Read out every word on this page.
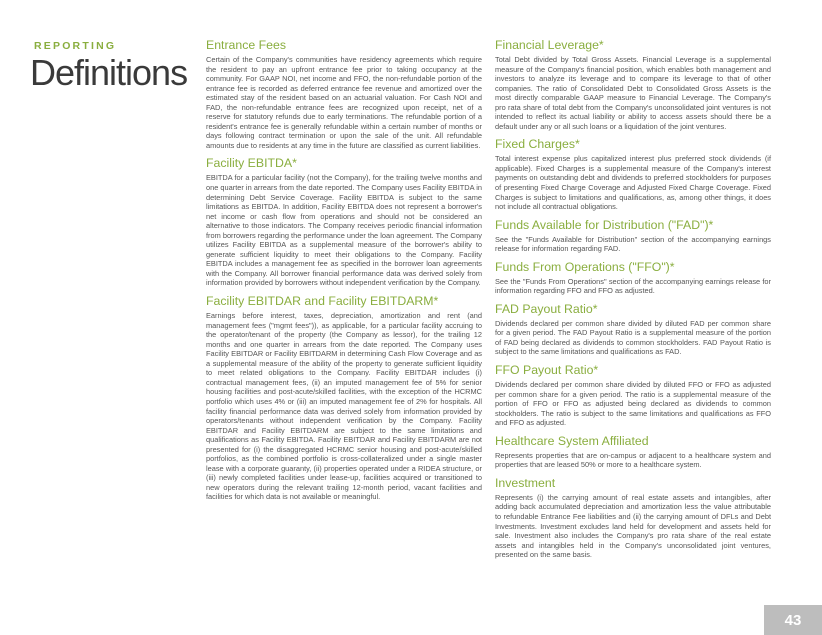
REPORTING
Definitions
Entrance Fees
Certain of the Company's communities have residency agreements which require the resident to pay an upfront entrance fee prior to taking occupancy at the community. For GAAP NOI, net income and FFO, the non-refundable portion of the entrance fee is recorded as deferred entrance fee revenue and amortized over the estimated stay of the resident based on an actuarial valuation. For Cash NOI and FAD, the non-refundable entrance fees are recognized upon receipt, net of a reserve for statutory refunds due to early terminations. The refundable portion of a resident's entrance fee is generally refundable within a certain number of months or days following contract termination or upon the sale of the unit. All refundable amounts due to residents at any time in the future are classified as current liabilities.
Facility EBITDA*
EBITDA for a particular facility (not the Company), for the trailing twelve months and one quarter in arrears from the date reported. The Company uses Facility EBITDA in determining Debt Service Coverage. Facility EBITDA is subject to the same limitations as EBITDA. In addition, Facility EBITDA does not represent a borrower's net income or cash flow from operations and should not be considered an alternative to those indicators. The Company receives periodic financial information from borrowers regarding the performance under the loan agreement. The Company utilizes Facility EBITDA as a supplemental measure of the borrower's ability to generate sufficient liquidity to meet their obligations to the Company. Facility EBITDA includes a management fee as specified in the borrower loan agreements with the Company. All borrower financial performance data was derived solely from information provided by borrowers without independent verification by the Company.
Facility EBITDAR and Facility EBITDARM*
Earnings before interest, taxes, depreciation, amortization and rent (and management fees ("mgmt fees")), as applicable, for a particular facility accruing to the operator/tenant of the property (the Company as lessor), for the trailing 12 months and one quarter in arrears from the date reported. The Company uses Facility EBITDAR or Facility EBITDARM in determining Cash Flow Coverage and as a supplemental measure of the ability of the property to generate sufficient liquidity to meet related obligations to the Company. Facility EBITDAR includes (i) contractual management fees, (ii) an imputed management fee of 5% for senior housing facilities and post-acute/skilled facilities, with the exception of the HCRMC portfolio which uses 4% or (iii) an imputed management fee of 2% for hospitals. All facility financial performance data was derived solely from information provided by operators/tenants without independent verification by the Company. Facility EBITDAR and Facility EBITDARM are subject to the same limitations and qualifications as Facility EBITDA. Facility EBITDAR and Facility EBITDARM are not presented for (i) the disaggregated HCRMC senior housing and post-acute/skilled portfolios, as the combined portfolio is cross-collateralized under a single master lease with a corporate guaranty, (ii) properties operated under a RIDEA structure, or (iii) newly completed facilities under lease-up, facilities acquired or transitioned to new operators during the relevant trailing 12-month period, vacant facilities and facilities for which data is not available or meaningful.
Financial Leverage*
Total Debt divided by Total Gross Assets. Financial Leverage is a supplemental measure of the Company's financial position, which enables both management and investors to analyze its leverage and to compare its leverage to that of other companies. The ratio of Consolidated Debt to Consolidated Gross Assets is the most directly comparable GAAP measure to Financial Leverage. The Company's pro rata share of total debt from the Company's unconsolidated joint ventures is not intended to reflect its actual liability or ability to access assets should there be a default under any or all such loans or a liquidation of the joint ventures.
Fixed Charges*
Total interest expense plus capitalized interest plus preferred stock dividends (if applicable). Fixed Charges is a supplemental measure of the Company's interest payments on outstanding debt and dividends to preferred stockholders for purposes of presenting Fixed Charge Coverage and Adjusted Fixed Charge Coverage. Fixed Charges is subject to limitations and qualifications, as, among other things, it does not include all contractual obligations.
Funds Available for Distribution ("FAD")*
See the "Funds Available for Distribution" section of the accompanying earnings release for information regarding FAD.
Funds From Operations ("FFO")*
See the "Funds From Operations" section of the accompanying earnings release for information regarding FFO and FFO as adjusted.
FAD Payout Ratio*
Dividends declared per common share divided by diluted FAD per common share for a given period. The FAD Payout Ratio is a supplemental measure of the portion of FAD being declared as dividends to common stockholders. FAD Payout Ratio is subject to the same limitations and qualifications as FAD.
FFO Payout Ratio*
Dividends declared per common share divided by diluted FFO or FFO as adjusted per common share for a given period. The ratio is a supplemental measure of the portion of FFO or FFO as adjusted being declared as dividends to common stockholders. The ratio is subject to the same limitations and qualifications as FFO and FFO as adjusted.
Healthcare System Affiliated
Represents properties that are on-campus or adjacent to a healthcare system and properties that are leased 50% or more to a healthcare system.
Investment
Represents (i) the carrying amount of real estate assets and intangibles, after adding back accumulated depreciation and amortization less the value attributable to refundable Entrance Fee liabilities and (ii) the carrying amount of DFLs and Debt Investments. Investment excludes land held for development and assets held for sale. Investment also includes the Company's pro rata share of the real estate assets and intangibles held in the Company's unconsolidated joint ventures, presented on the same basis.
43
